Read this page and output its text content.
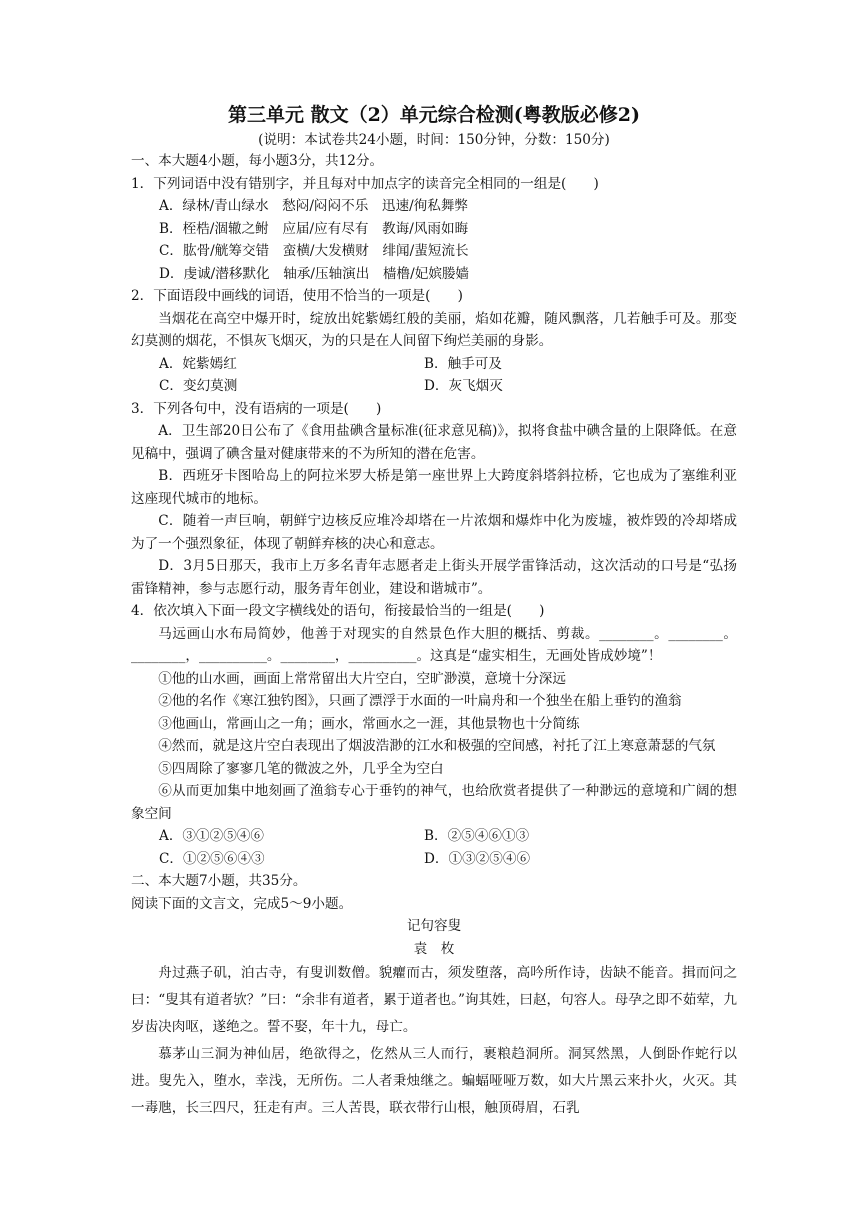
第三单元 散文（2）单元综合检测(粤教版必修2)
(说明：本试卷共24小题，时间：150分钟，分数：150分)
一、本大题4小题，每小题3分，共12分。
1．下列词语中没有错别字，并且每对中加点字的读音完全相同的一组是(　　)
A．绿林/青山绿水　愁闷/闷闷不乐　迅速/徇私舞弊
B．桎梏/涸辙之鲋　应届/应有尽有　教诲/风雨如晦
C．肱骨/觥筹交错　蛮横/大发横财　绯闻/蜚短流长
D．虔诚/潜移默化　轴承/压轴演出　樯橹/妃嫔媵嫱
2．下面语段中画线的词语，使用不恰当的一项是(　　)
当烟花在高空中爆开时，绽放出姹紫嫣红般的美丽，焰如花瓣，随风飘落，几若触手可及。那变幻莫测的烟花，不惧灰飞烟灭，为的只是在人间留下绚烂美丽的身影。
A．姹紫嫣红	B．触手可及
C．变幻莫测	D．灰飞烟灭
3．下列各句中，没有语病的一项是(　　)
A．卫生部20日公布了《食用盐碘含量标准(征求意见稿)》，拟将食盐中碘含量的上限降低。在意见稿中，强调了碘含量对健康带来的不为所知的潜在危害。
B．西班牙卡图哈岛上的阿拉米罗大桥是第一座世界上大跨度斜塔斜拉桥，它也成为了塞维利亚这座现代城市的地标。
C．随着一声巨响，朝鲜宁边核反应堆冷却塔在一片浓烟和爆炸中化为废墟，被炸毁的冷却塔成为了一个强烈象征，体现了朝鲜弃核的决心和意志。
D．3月5日那天，我市上万多名青年志愿者走上街头开展学雷锋活动，这次活动的口号是“弘扬雷锋精神，参与志愿行动，服务青年创业，建设和谐城市”。
4．依次填入下面一段文字横线处的语句，衔接最恰当的一组是(　　)
马远画山水布局简妙，他善于对现实的自然景色作大胆的概括、剪裁。________。________。________，__________。________，__________。这真是“虚实相生，无画处皆成妙境”！
①他的山水画，画面上常常留出大片空白，空旷渺漠，意境十分深远
②他的名作《寒江独钓图》，只画了漂浮于水面的一叶扁舟和一个独坐在船上垂钓的渔翁
③他画山，常画山之一角；画水，常画水之一涯，其他景物也十分简练
④然而，就是这片空白表现出了烟波浩渺的江水和极强的空间感，衬托了江上寒意萧瑟的气氛
⑤四周除了寥寥几笔的微波之外，几乎全为空白
⑥从而更加集中地刻画了渔翁专心于垂钓的神气，也给欣赏者提供了一种渺远的意境和广阔的想象空间
A．③①②⑤④⑥	B．②⑤④⑥①③
C．①②⑤⑥④③	D．①③②⑤④⑥
二、本大题7小题，共35分。
阅读下面的文言文，完成5～9小题。
记句容叟
袁　枚
舟过燕子矶，泊古寺，有叟训数僧。貌癯而古，须发堕落，高吟所作诗，齿缺不能音。揖而问之曰：“叟其有道者欤？”曰：“余非有道者，累于道者也。”询其姓，曰赵，句容人。母孕之即不茹荤，九岁齿决肉呕，遂绝之。誓不娶，年十九，母亡。
慕茅山三洞为神仙居，绝欲得之，仡然从三人而行，裹粮趋洞所。洞冥然黑，人倒卧作蛇行以进。叟先入，堕水，幸浅，无所伤。二人者秉烛继之。蝙蝠哑哑万数，如大片黑云来扑火，火灭。其一毒虺，长三四尺，狂走有声。三人苦畏，联衣带行山根，触顶碍眉，石乳
